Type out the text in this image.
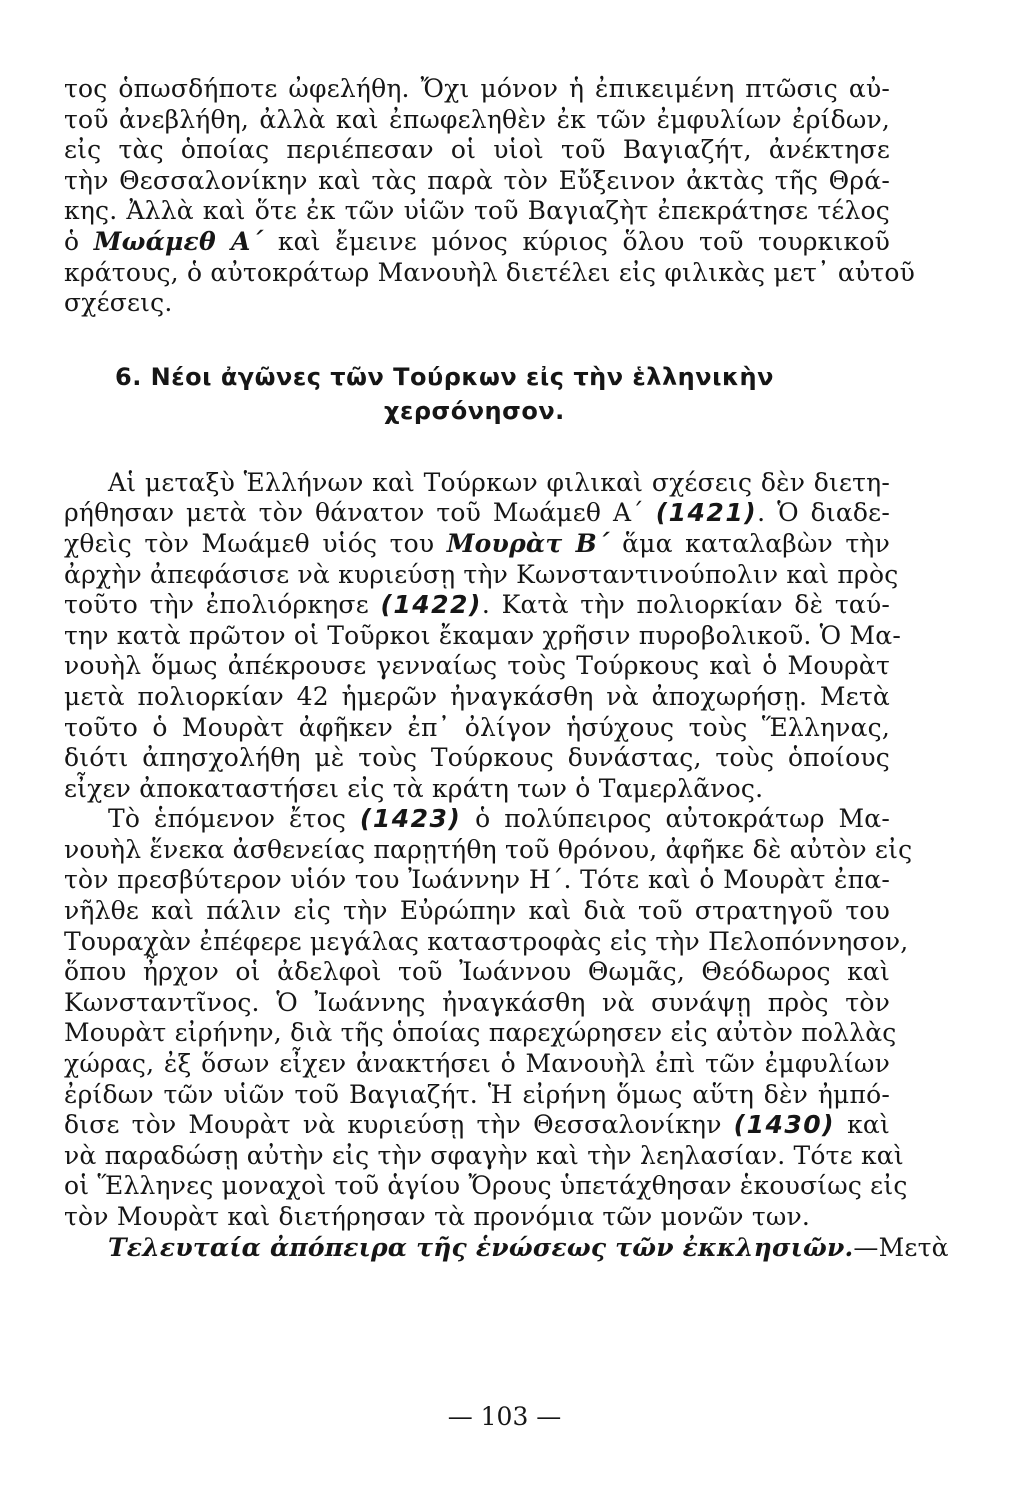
τος ὁπωσδήποτε ὠφελήθη. Ὄχι μόνον ἡ ἐπικειμένη πτῶσις αὐ-
τοῦ ἀνεβλήθη, ἀλλὰ καὶ ἐπωφεληθὲν ἐκ τῶν ἐμφυλίων ἐρίδων,
εἰς τὰς ὁποίας περιέπεσαν οἱ υἱοὶ τοῦ Βαγιαζήτ, ἀνέκτησε
τὴν Θεσσαλονίκην καὶ τὰς παρὰ τὸν Εὔξεινον ἀκτὰς τῆς Θρά-
κης. Ἀλλὰ καὶ ὅτε ἐκ τῶν υἱῶν τοῦ Βαγιαζὴτ ἐπεκράτησε τέλος
ὁ Μωάμεθ Α΄ καὶ ἔμεινε μόνος κύριος ὅλου τοῦ τουρκικοῦ
κράτους, ὁ αὐτοκράτωρ Μανουὴλ διετέλει εἰς φιλικὰς μετ᾽ αὐτοῦ
σχέσεις.
6. Νέοι ἀγῶνες τῶν Τούρκων εἰς τὴν ἑλληνικὴν
χερσόνησον.
Αἱ μεταξὺ Ἑλλήνων καὶ Τούρκων φιλικαὶ σχέσεις δὲν διετη-
ρήθησαν μετὰ τὸν θάνατον τοῦ Μωάμεθ Α΄ (1421). Ὁ διαδε-
χθεὶς τὸν Μωάμεθ υἱός του Μουρὰτ Β΄ ἅμα καταλαβὼν τὴν
ἀρχὴν ἀπεφάσισε νὰ κυριεύσῃ τὴν Κωνσταντινούπολιν καὶ πρὸς
τοῦτο τὴν ἐπολιόρκησε (1422). Κατὰ τὴν πολιορκίαν δὲ ταύ-
την κατὰ πρῶτον οἱ Τοῦρκοι ἔκαμαν χρῆσιν πυροβολικοῦ. Ὁ Μα-
νουὴλ ὅμως ἀπέκρουσε γενναίως τοὺς Τούρκους καὶ ὁ Μουρὰτ
μετὰ πολιορκίαν 42 ἡμερῶν ἠναγκάσθη νὰ ἀποχωρήσῃ. Μετὰ
τοῦτο ὁ Μουρὰτ ἀφῆκεν ἐπ᾽ ὀλίγον ἡσύχους τοὺς Ἕλληνας,
διότι ἀπησχολήθη μὲ τοὺς Τούρκους δυνάστας, τοὺς ὁποίους
εἶχεν ἀποκαταστήσει εἰς τὰ κράτη των ὁ Ταμερλᾶνος.
Τὸ ἑπόμενον ἔτος (1423) ὁ πολύπειρος αὐτοκράτωρ Μα-
νουὴλ ἕνεκα ἀσθενείας παρῃτήθη τοῦ θρόνου, ἀφῆκε δὲ αὐτὸν εἰς
τὸν πρεσβύτερον υἱόν του Ἰωάννην Η΄. Τότε καὶ ὁ Μουρὰτ ἐπα-
νῆλθε καὶ πάλιν εἰς τὴν Εὐρώπην καὶ διὰ τοῦ στρατηγοῦ του
Τουραχὰν ἐπέφερε μεγάλας καταστροφὰς εἰς τὴν Πελοπόννησον,
ὅπου ἦρχον οἱ ἀδελφοὶ τοῦ Ἰωάννου Θωμᾶς, Θεόδωρος καὶ
Κωνσταντῖνος. Ὁ Ἰωάννης ἠναγκάσθη νὰ συνάψῃ πρὸς τὸν
Μουρὰτ εἰρήνην, διὰ τῆς ὁποίας παρεχώρησεν εἰς αὐτὸν πολλὰς
χώρας, ἐξ ὅσων εἶχεν ἀνακτήσει ὁ Μανουὴλ ἐπὶ τῶν ἐμφυλίων
ἐρίδων τῶν υἱῶν τοῦ Βαγιαζήτ. Ἡ εἰρήνη ὅμως αὕτη δὲν ἠμπό-
δισε τὸν Μουρὰτ νὰ κυριεύσῃ τὴν Θεσσαλονίκην (1430) καὶ
νὰ παραδώσῃ αὐτὴν εἰς τὴν σφαγὴν καὶ τὴν λεηλασίαν. Τότε καὶ
οἱ Ἕλληνες μοναχοὶ τοῦ ἁγίου Ὄρους ὑπετάχθησαν ἑκουσίως εἰς
τὸν Μουρὰτ καὶ διετήρησαν τὰ προνόμια τῶν μονῶν των.
Τελευταία ἀπόπειρα τῆς ἑνώσεως τῶν ἐκκλησιῶν.—Μετὰ
— 103 —
